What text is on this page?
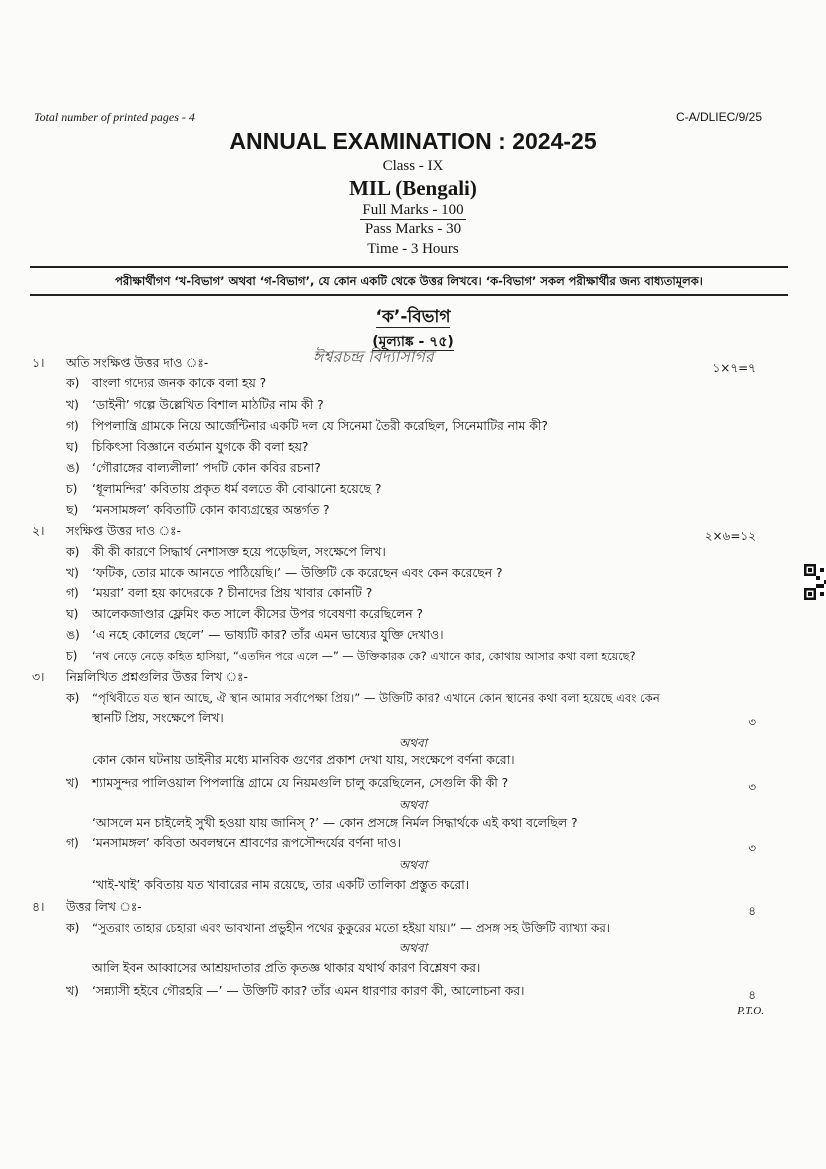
Total number of printed pages - 4	C-A/DLIEC/9/25
ANNUAL EXAMINATION : 2024-25
Class - IX
MIL (Bengali)
Full Marks - 100
Pass Marks - 30
Time - 3 Hours
পরীক্ষার্থীগণ ‘খ-বিভাগ’ অথবা ‘গ-বিভাগ’, যে কোন একটি থেকে উত্তর লিখবে। ‘ক-বিভাগ’ সকল পরীক্ষার্থীর জন্য বাধ্যতামূলক।
‘ক’-বিভাগ
(মূল্যাঙ্ক - ৭৫)
ঈশ্বরচন্দ্র বিদ্যাসাগর
১। অতি সংক্ষিপ্ত উত্তর দাও ঃ-	১×৭=৭
ক) বাংলা গদ্যের জনক কাকে বলা হয় ?
খ) ‘ডাইনী’ গল্পে উল্লেখিত বিশাল মাঠটির নাম কী ?
গ) পিপলান্ত্রি গ্রামকে নিয়ে আর্জেন্টিনার একটি দল যে সিনেমা তৈরী করেছিল, সিনেমাটির নাম কী?
ঘ) চিকিৎসা বিজ্ঞানে বর্তমান যুগকে কী বলা হয়?
ঙ) ‘গৌরাঙ্গের বাল্যলীলা’ পদটি কোন কবির রচনা?
চ) ‘ধূলামন্দির’ কবিতায় প্রকৃত ধর্ম বলতে কী বোঝানো হয়েছে ?
ছ) ‘মনসামঙ্গল’ কবিতাটি কোন কাব্যগ্রন্থের অন্তর্গত ?
২। সংক্ষিপ্ত উত্তর দাও ঃ-	২×৬=১২
ক) কী কী কারণে সিদ্ধার্থ নেশাসক্ত হয়ে পড়েছিল, সংক্ষেপে লিখ।
খ) ‘ফটিক, তোর মাকে আনতে পাঠিয়েছি।’ — উক্তিটি কে করেছেন এবং কেন করেছেন ?
গ) ‘ময়রা’ বলা হয় কাদেরকে ? চীনাদের প্রিয় খাবার কোনটি ?
ঘ) আলেকজাণ্ডার ফ্লেমিং কত সালে কীসের উপর গবেষণা করেছিলেন ?
ঙ) ‘এ নহে কোলের ছেলে’ — ভাষ্যটি কার? তাঁর এমন ভাষ্যের যুক্তি দেখাও।
চ) ‘নথ নেড়ে নেড়ে কহিত হাসিয়া, “এতদিন পরে এলে —” — উক্তিকারক কে? এখানে কার, কোথায় আসার কথা বলা হয়েছে?
৩। নিম্নলিখিত প্রশ্নগুলির উত্তর লিখ ঃ-
ক) “পৃথিবীতে যত স্থান আছে, ঐ স্থান আমার সর্বাপেক্ষা প্রিয়।” — উক্তিটি কার? এখানে কোন স্থানের কথা বলা হয়েছে এবং কেন
স্থানটি প্রিয়, সংক্ষেপে লিখ।	৩
অথবা
কোন কোন ঘটনায় ডাইনীর মধ্যে মানবিক গুণের প্রকাশ দেখা যায়, সংক্ষেপে বর্ণনা করো।
খ) শ্যামসুন্দর পালিওয়াল পিপলান্ত্রি গ্রামে যে নিয়মগুলি চালু করেছিলেন, সেগুলি কী কী ?	৩
অথবা
‘আসলে মন চাইলেই সুখী হওয়া যায় জানিস্ ?’ — কোন প্রসঙ্গে নির্মল সিদ্ধার্থকে এই কথা বলেছিল ?
গ) ‘মনসামঙ্গল’ কবিতা অবলম্বনে শ্রাবণের রূপসৌন্দর্যের বর্ণনা দাও।	৩
অথবা
‘খাই-খাই’ কবিতায় যত খাবারের নাম রয়েছে, তার একটি তালিকা প্রস্তুত করো।
৪। উত্তর লিখ ঃ-	৪
ক) “সুতরাং তাহার চেহারা এবং ভাবখানা প্রভুহীন পথের কুকুরের মতো হইয়া যায়।” — প্রসঙ্গ সহ উক্তিটি ব্যাখ্যা কর।
অথবা
আলি ইবন আব্বাসের আশ্রয়দাতার প্রতি কৃতজ্ঞ থাকার যথার্থ কারণ বিশ্লেষণ কর।
খ) ‘সন্ন্যাসী হইবে গৌরহরি —’ — উক্তিটি কার? তাঁর এমন ধারণার কারণ কী, আলোচনা কর।	৪
P.T.O.
